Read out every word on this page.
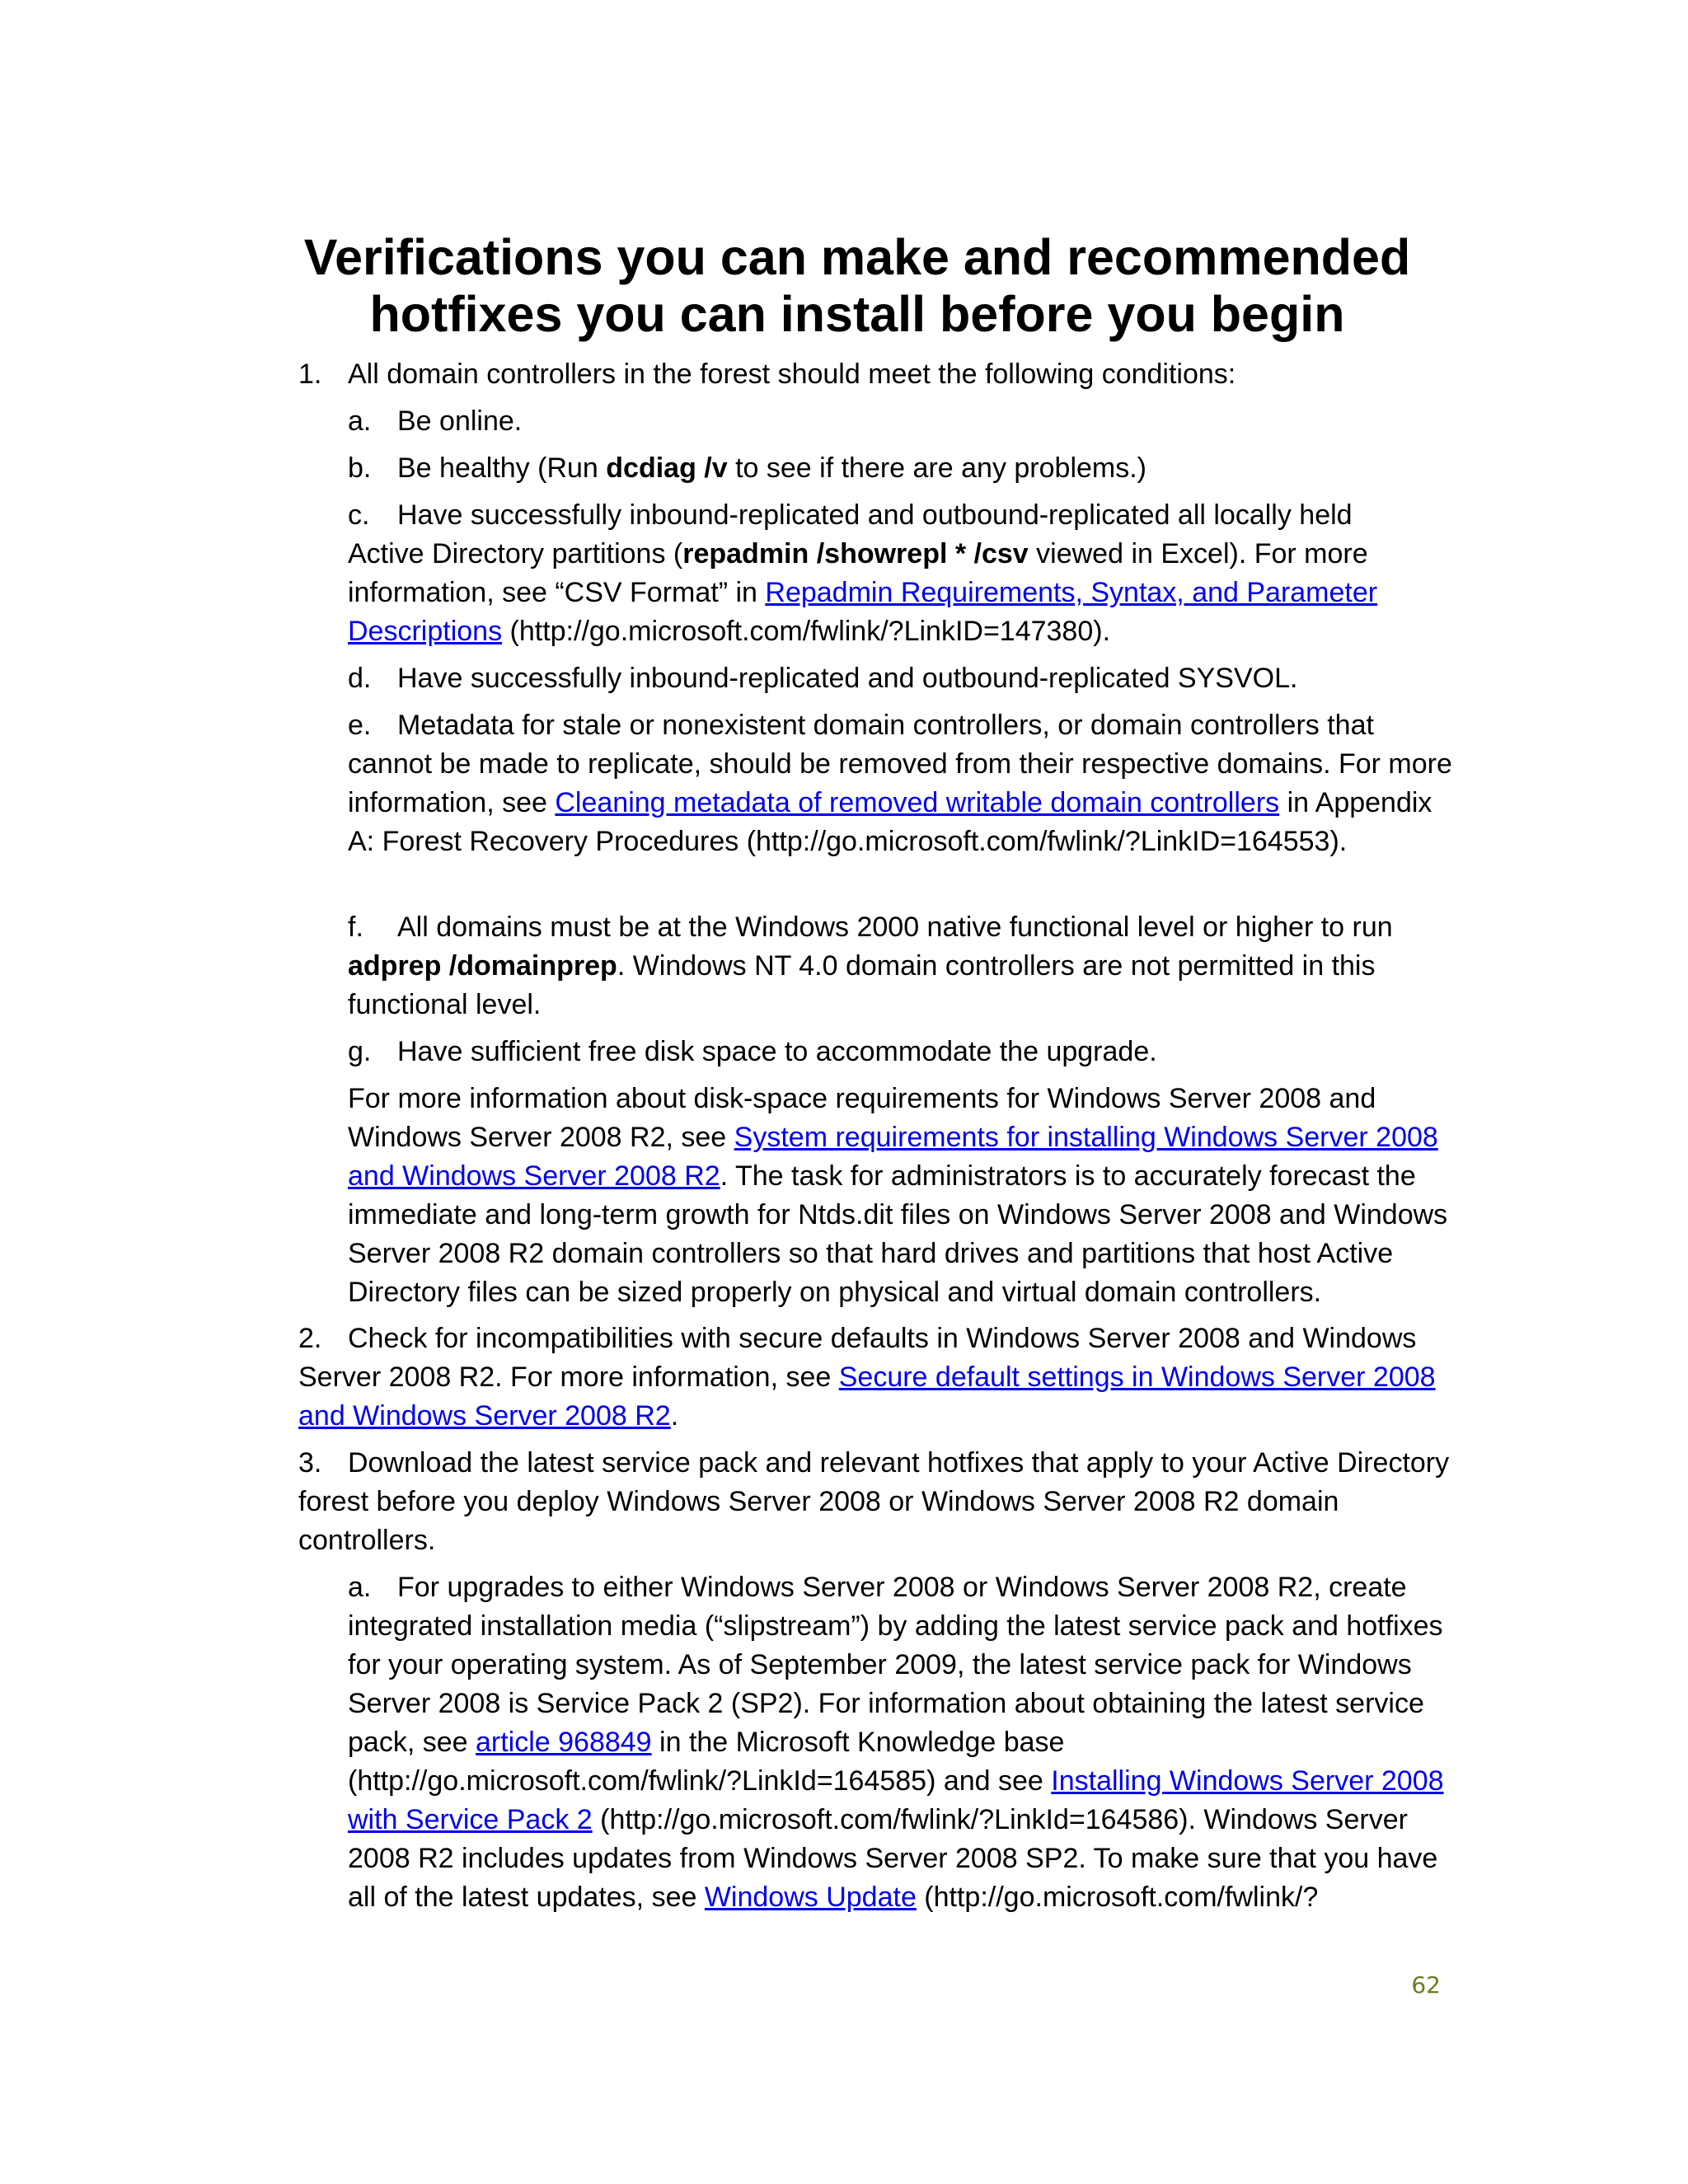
Verifications you can make and recommended
hotfixes you can install before you begin

1. All domain controllers in the forest should meet the following conditions:

a. Be online.

b. Be healthy (Run dcdiag /v to see if there are any problems.)

c. Have successfully inbound-replicated and outbound-replicated all locally held
Active Directory partitions (repadmin /showrepl * /csv viewed in Excel). For more information, see “CSV Format” in Repadmin Requirements, Syntax, and Parameter Descriptions (http://go.microsoft.com/fwlink/?LinkID=147380).

d. Have successfully inbound-replicated and outbound-replicated SYSVOL.

e. Metadata for stale or nonexistent domain controllers, or domain controllers that cannot be made to replicate, should be removed from their respective domains. For more information, see Cleaning metadata of removed writable domain controllers in Appendix A: Forest Recovery Procedures (http://go.microsoft.com/fwlink/?LinkID=164553).

f. All domains must be at the Windows 2000 native functional level or higher to run adprep /domainprep. Windows NT 4.0 domain controllers are not permitted in this functional level.

g. Have sufficient free disk space to accommodate the upgrade.

For more information about disk-space requirements for Windows Server 2008 and Windows Server 2008 R2, see System requirements for installing Windows Server 2008 and Windows Server 2008 R2. The task for administrators is to accurately forecast the immediate and long-term growth for Ntds.dit files on Windows Server 2008 and Windows Server 2008 R2 domain controllers so that hard drives and partitions that host Active Directory files can be sized properly on physical and virtual domain controllers.

2. Check for incompatibilities with secure defaults in Windows Server 2008 and Windows Server 2008 R2. For more information, see Secure default settings in Windows Server 2008 and Windows Server 2008 R2.

3. Download the latest service pack and relevant hotfixes that apply to your Active Directory forest before you deploy Windows Server 2008 or Windows Server 2008 R2 domain controllers.

a. For upgrades to either Windows Server 2008 or Windows Server 2008 R2, create integrated installation media (“slipstream”) by adding the latest service pack and hotfixes for your operating system. As of September 2009, the latest service pack for Windows Server 2008 is Service Pack 2 (SP2). For information about obtaining the latest service pack, see article 968849 in the Microsoft Knowledge base (http://go.microsoft.com/fwlink/?LinkId=164585) and see Installing Windows Server 2008 with Service Pack 2 (http://go.microsoft.com/fwlink/?LinkId=164586). Windows Server 2008 R2 includes updates from Windows Server 2008 SP2. To make sure that you have all of the latest updates, see Windows Update (http://go.microsoft.com/fwlink/?

62
